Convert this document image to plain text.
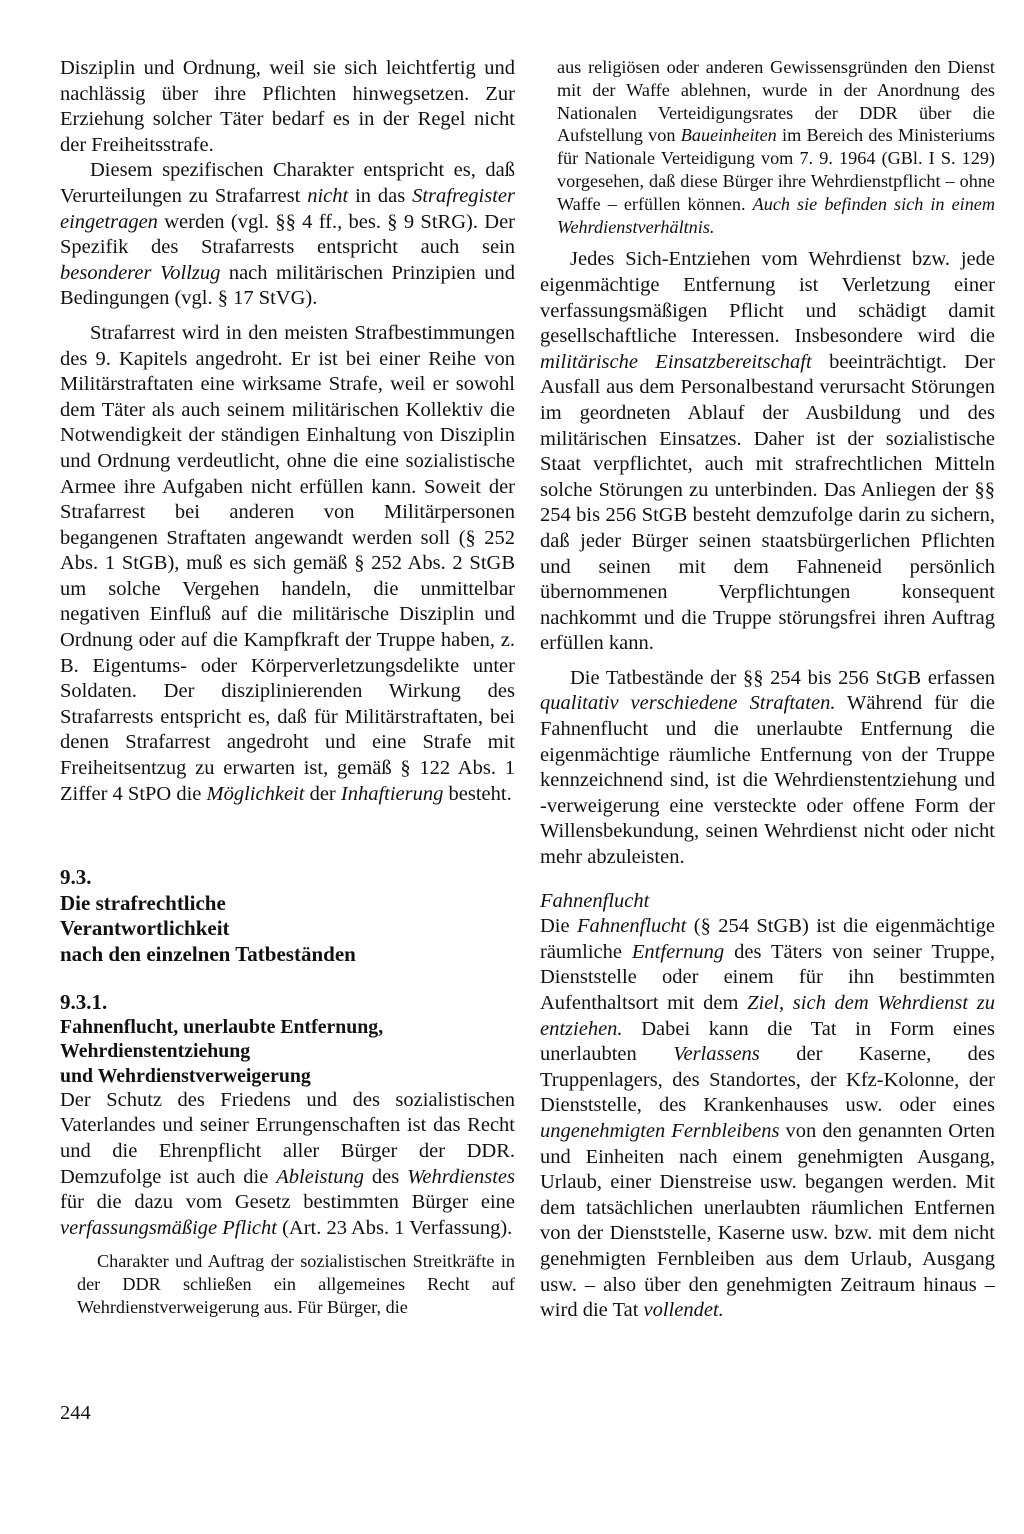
Disziplin und Ordnung, weil sie sich leichtfertig und nachlässig über ihre Pflichten hinwegsetzen. Zur Erziehung solcher Täter bedarf es in der Regel nicht der Freiheitsstrafe.

Diesem spezifischen Charakter entspricht es, daß Verurteilungen zu Strafarrest nicht in das Strafregister eingetragen werden (vgl. §§ 4 ff., bes. § 9 StRG). Der Spezifik des Strafarrests entspricht auch sein besonderer Vollzug nach militärischen Prinzipien und Bedingungen (vgl. § 17 StVG).

Strafarrest wird in den meisten Strafbestimmungen des 9. Kapitels angedroht. Er ist bei einer Reihe von Militärstraftaten eine wirksame Strafe, weil er sowohl dem Täter als auch seinem militärischen Kollektiv die Notwendigkeit der ständigen Einhaltung von Disziplin und Ordnung verdeutlicht, ohne die eine sozialistische Armee ihre Aufgaben nicht erfüllen kann. Soweit der Strafarrest bei anderen von Militärpersonen begangenen Straftaten angewandt werden soll (§ 252 Abs. 1 StGB), muß es sich gemäß § 252 Abs. 2 StGB um solche Vergehen handeln, die unmittelbar negativen Einfluß auf die militärische Disziplin und Ordnung oder auf die Kampfkraft der Truppe haben, z. B. Eigentums- oder Körperverletzungsdelikte unter Soldaten. Der disziplinierenden Wirkung des Strafarrests entspricht es, daß für Militärstraftaten, bei denen Strafarrest angedroht und eine Strafe mit Freiheitsentzug zu erwarten ist, gemäß § 122 Abs. 1 Ziffer 4 StPO die Möglichkeit der Inhaftierung besteht.

9.3.
Die strafrechtliche
Verantwortlichkeit
nach den einzelnen Tatbeständen
9.3.1.
Fahnenflucht, unerlaubte Entfernung,
Wehrdienstentziehung
und Wehrdienstverweigerung

Der Schutz des Friedens und des sozialistischen Vaterlandes und seiner Errungenschaften ist das Recht und die Ehrenpflicht aller Bürger der DDR. Demzufolge ist auch die Ableistung des Wehrdienstes für die dazu vom Gesetz bestimmten Bürger eine verfassungsmäßige Pflicht (Art. 23 Abs. 1 Verfassung).

Charakter und Auftrag der sozialistischen Streitkräfte in der DDR schließen ein allgemeines Recht auf Wehrdienstverweigerung aus. Für Bürger, die

aus religiösen oder anderen Gewissensgründen den Dienst mit der Waffe ablehnen, wurde in der Anordnung des Nationalen Verteidigungsrates der DDR über die Aufstellung von Baueinheiten im Bereich des Ministeriums für Nationale Verteidigung vom 7. 9. 1964 (GBl. I S. 129) vorgesehen, daß diese Bürger ihre Wehrdienstpflicht – ohne Waffe – erfüllen können. Auch sie befinden sich in einem Wehrdienstverhältnis.

Jedes Sich-Entziehen vom Wehrdienst bzw. jede eigenmächtige Entfernung ist Verletzung einer verfassungsmäßigen Pflicht und schädigt damit gesellschaftliche Interessen. Insbesondere wird die militärische Einsatzbereitschaft beeinträchtigt. Der Ausfall aus dem Personalbestand verursacht Störungen im geordneten Ablauf der Ausbildung und des militärischen Einsatzes. Daher ist der sozialistische Staat verpflichtet, auch mit strafrechtlichen Mitteln solche Störungen zu unterbinden. Das Anliegen der §§ 254 bis 256 StGB besteht demzufolge darin zu sichern, daß jeder Bürger seinen staatsbürgerlichen Pflichten und seinen mit dem Fahneneid persönlich übernommenen Verpflichtungen konsequent nachkommt und die Truppe störungsfrei ihren Auftrag erfüllen kann.

Die Tatbestände der §§ 254 bis 256 StGB erfassen qualitativ verschiedene Straftaten. Während für die Fahnenflucht und die unerlaubte Entfernung die eigenmächtige räumliche Entfernung von der Truppe kennzeichnend sind, ist die Wehrdienstentziehung und -verweigerung eine versteckte oder offene Form der Willensbekundung, seinen Wehrdienst nicht oder nicht mehr abzuleisten.

Fahnenflucht

Die Fahnenflucht (§ 254 StGB) ist die eigenmächtige räumliche Entfernung des Täters von seiner Truppe, Dienststelle oder einem für ihn bestimmten Aufenthaltsort mit dem Ziel, sich dem Wehrdienst zu entziehen. Dabei kann die Tat in Form eines unerlaubten Verlassens der Kaserne, des Truppenlagers, des Standortes, der Kfz-Kolonne, der Dienststelle, des Krankenhauses usw. oder eines ungenehmigten Fernbleibens von den genannten Orten und Einheiten nach einem genehmigten Ausgang, Urlaub, einer Dienstreise usw. begangen werden. Mit dem tatsächlichen unerlaubten räumlichen Entfernen von der Dienststelle, Kaserne usw. bzw. mit dem nicht genehmigten Fernbleiben aus dem Urlaub, Ausgang usw. – also über den genehmigten Zeitraum hinaus – wird die Tat vollendet.

244
